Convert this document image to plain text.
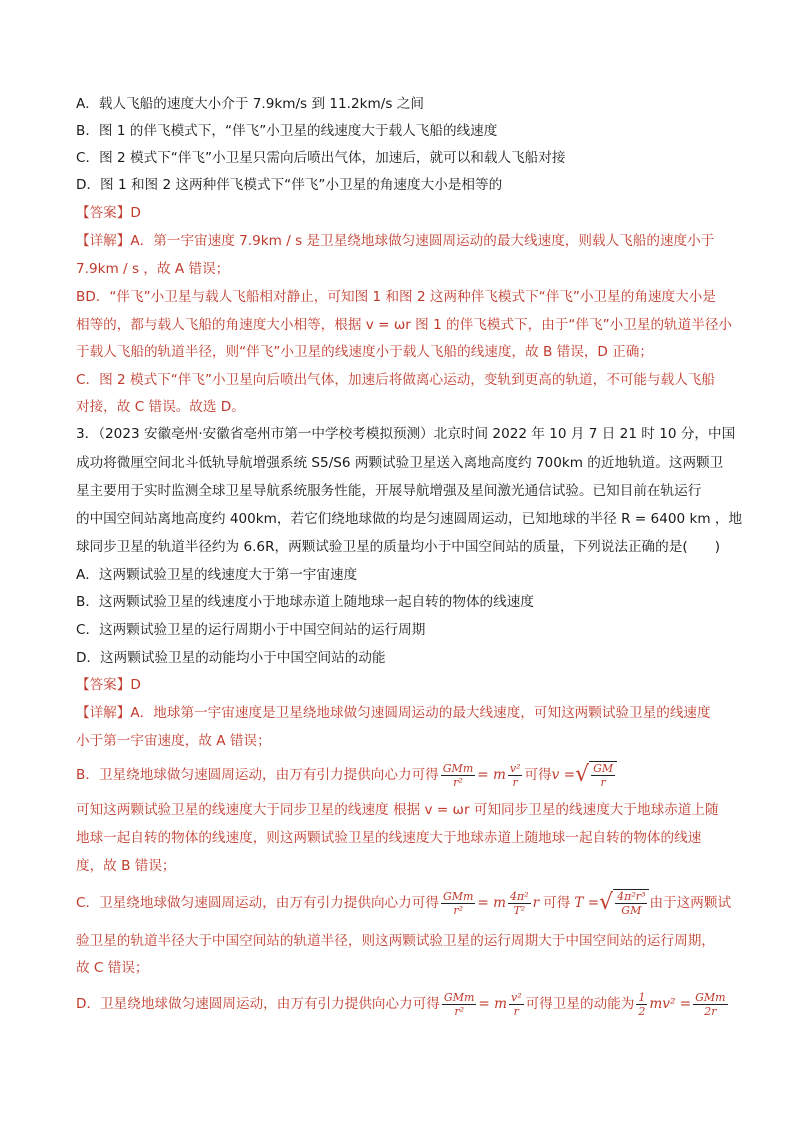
A．载人飞船的速度大小介于 7.9km/s 到 11.2km/s 之间
B．图 1 的伴飞模式下，“伴飞”小卫星的线速度大于载人飞船的线速度
C．图 2 模式下“伴飞”小卫星只需向后喷出气体，加速后，就可以和载人飞船对接
D．图 1 和图 2 这两种伴飞模式下“伴飞”小卫星的角速度大小是相等的
【答案】D
【详解】A．第一宇宙速度 7.9km / s 是卫星绕地球做匀速圆周运动的最大线速度，则载人飞船的速度小于
7.9km / s ，故 A 错误；
BD．“伴飞”小卫星与载人飞船相对静止，可知图 1 和图 2 这两种伴飞模式下“伴飞”小卫星的角速度大小是
相等的，都与载人飞船的角速度大小相等，根据 v = ωr 图 1 的伴飞模式下，由于“伴飞”小卫星的轨道半径小
于载人飞船的轨道半径，则“伴飞”小卫星的线速度小于载人飞船的线速度，故 B 错误，D 正确；
C．图 2 模式下“伴飞”小卫星向后喷出气体，加速后将做离心运动，变轨到更高的轨道，不可能与载人飞船
对接，故 C 错误。故选 D。
3．（2023 安徽亳州·安徽省亳州市第一中学校考模拟预测）北京时间 2022 年 10 月 7 日 21 时 10 分，中国
成功将微厘空间北斗低轨导航增强系统 S5/S6 两颗试验卫星送入离地高度约 700km 的近地轨道。这两颗卫
星主要用于实时监测全球卫星导航系统服务性能，开展导航增强及星间激光通信试验。已知目前在轨运行
的中国空间站离地高度约 400km，若它们绕地球做的均是匀速圆周运动，已知地球的半径 R = 6400 km ，地
球同步卫星的轨道半径约为 6.6R，两颗试验卫星的质量均小于中国空间站的质量，下列说法正确的是(　　)
A．这两颗试验卫星的线速度大于第一宇宙速度
B．这两颗试验卫星的线速度小于地球赤道上随地球一起自转的物体的线速度
C．这两颗试验卫星的运行周期小于中国空间站的运行周期
D．这两颗试验卫星的动能均小于中国空间站的动能
【答案】D
【详解】A．地球第一宇宙速度是卫星绕地球做匀速圆周运动的最大线速度，可知这两颗试验卫星的线速度
小于第一宇宙速度，故 A 错误；
B．卫星绕地球做匀速圆周运动，由万有引力提供向心力可得 $\frac{\text{GMm}}{\text{r²}} = m \frac{\text{v²}}{r}$ 可得 v = √ $\frac{GM}{r}$
可知这两颗试验卫星的线速度大于同步卫星的线速度 根据 v = ωr 可知同步卫星的线速度大于地球赤道上随
地球一起自转的物体的线速度，则这两颗试验卫星的线速度大于地球赤道上随地球一起自转的物体的线速
度，故 B 错误；
C．卫星绕地球做匀速圆周运动，由万有引力提供向心力可得 $\frac{\text{GMm}}{\text{r²}} = m \frac{\text{4π²}}{\text{T²}}$ r 可得 T = √ $\frac{\text{4π²r³}}{GM}$ 由于这两颗试
验卫星的轨道半径大于中国空间站的轨道半径，则这两颗试验卫星的运行周期大于中国空间站的运行周期，
故 C 错误；
D．卫星绕地球做匀速圆周运动，由万有引力提供向心力可得 $\frac{\text{GMm}}{\text{r²}} = m \frac{\text{v²}}{r}$ 可得卫星的动能为 $\frac{1}{2} mv^2 = \frac{\text{GMm}}{2r}$
